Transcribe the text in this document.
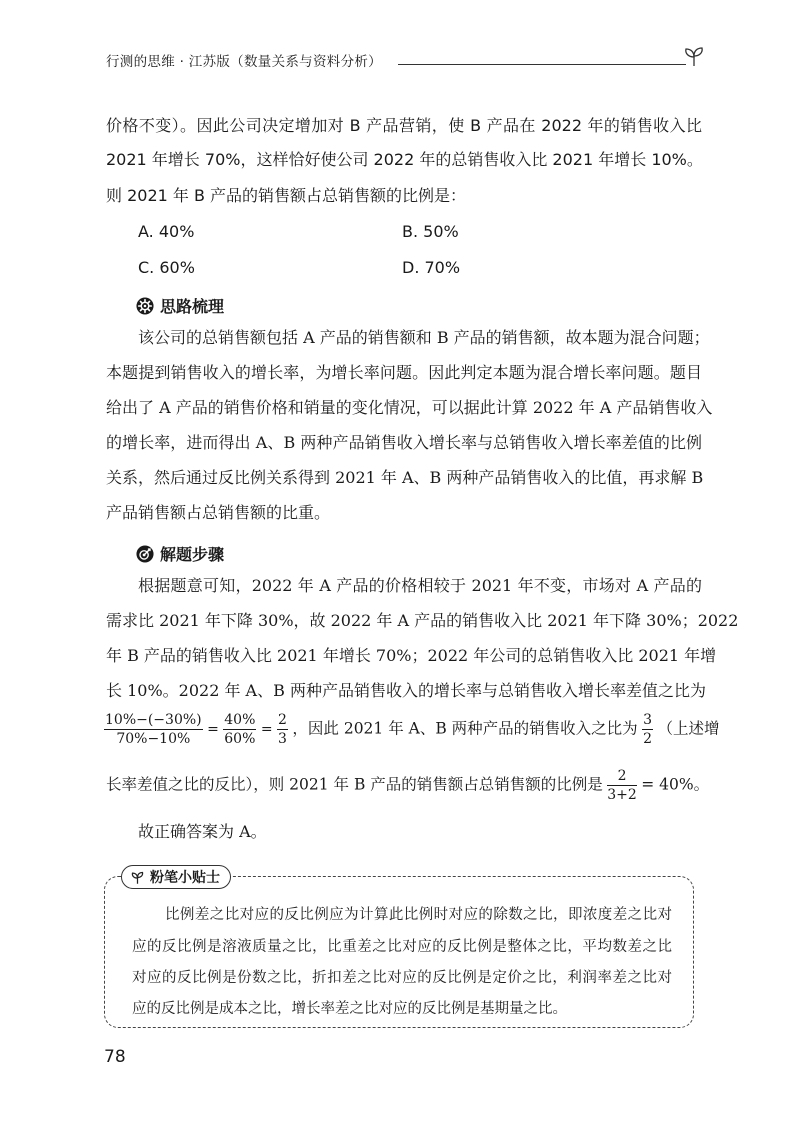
行测的思维 · 江苏版（数量关系与资料分析）
价格不变）。因此公司决定增加对 B 产品营销，使 B 产品在 2022 年的销售收入比
2021 年增长 70%，这样恰好使公司 2022 年的总销售收入比 2021 年增长 10%。
则 2021 年 B 产品的销售额占总销售额的比例是：
A. 40%	B. 50%
C. 60%	D. 70%
思路梳理
该公司的总销售额包括 A 产品的销售额和 B 产品的销售额，故本题为混合问题；
本题提到销售收入的增长率，为增长率问题。因此判定本题为混合增长率问题。题目
给出了 A 产品的销售价格和销量的变化情况，可以据此计算 2022 年 A 产品销售收入
的增长率，进而得出 A、B 两种产品销售收入增长率与总销售收入增长率差值的比例
关系，然后通过反比例关系得到 2021 年 A、B 两种产品销售收入的比值，再求解 B
产品销售额占总销售额的比重。
解题步骤
根据题意可知，2022 年 A 产品的价格相较于 2021 年不变，市场对 A 产品的
需求比 2021 年下降 30%，故 2022 年 A 产品的销售收入比 2021 年下降 30%；2022
年 B 产品的销售收入比 2021 年增长 70%；2022 年公司的总销售收入比 2021 年增
长 10%。2022 年 A、B 两种产品销售收入的增长率与总销售收入增长率差值之比为
$\frac{10\%-(-30\%)}{70\%-10\%} = \frac{40\%}{60\%} = \frac{2}{3}$ ，因此 2021 年 A、B 两种产品的销售收入之比为 $\frac{3}{2}$ （上述增
长率差值之比的反比），则 2021 年 B 产品的销售额占总销售额的比例是 $\frac{2}{3+2} = 40\%$。
故正确答案为 A。
粉笔小贴士
比例差之比对应的反比例应为计算此比例时对应的除数之比，即浓度差之比对
应的反比例是溶液质量之比，比重差之比对应的反比例是整体之比，平均数差之比
对应的反比例是份数之比，折扣差之比对应的反比例是定价之比，利润率差之比对
应的反比例是成本之比，增长率差之比对应的反比例是基期量之比。
78
